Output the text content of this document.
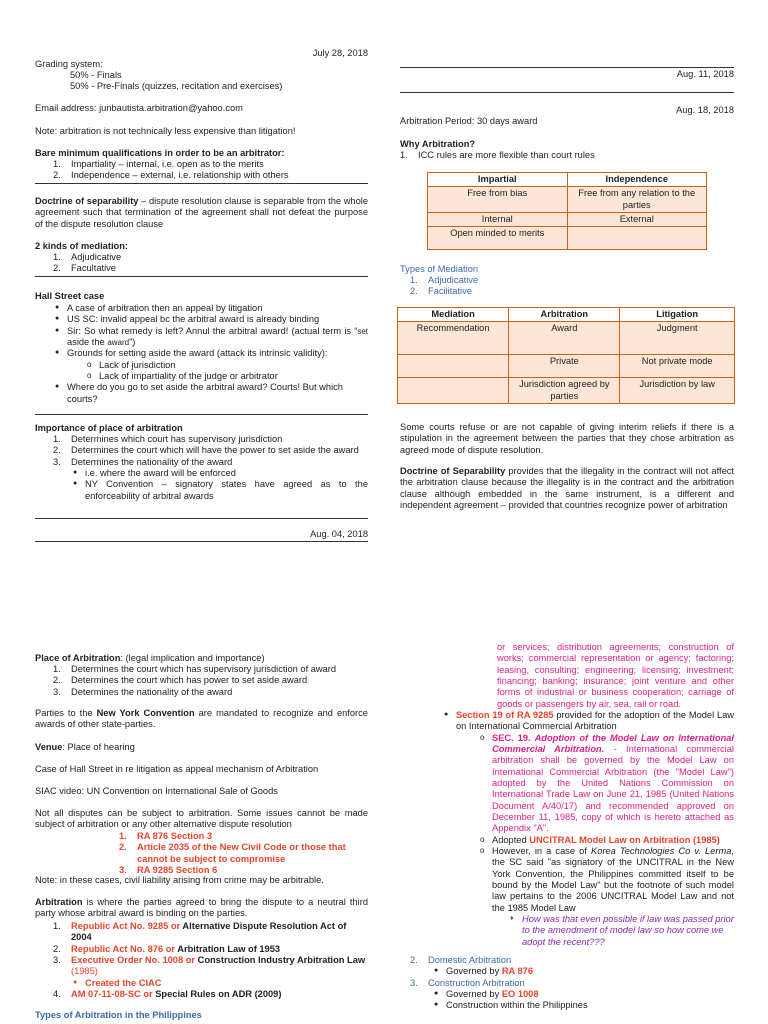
July 28, 2018
Grading system:
50% - Finals
50% - Pre-Finals (quizzes, recitation and exercises)
Email address: junbautista.arbitration@yahoo.com
Note: arbitration is not technically less expensive than litigation!
Bare minimum qualifications in order to be an arbitrator:
1. Impartiality – internal, i.e. open as to the merits
2. Independence – external, i.e. relationship with others
Doctrine of separability – dispute resolution clause is separable from the whole agreement such that termination of the agreement shall not defeat the purpose of the dispute resolution clause
2 kinds of mediation:
1. Adjudicative
2. Facultative
Hall Street case
● A case of arbitration then an appeal by litigation
● US SC: invalid appeal bc the arbitral award is already binding
● Sir: So what remedy is left? Annul the arbitral award! (actual term is “set aside the award”)
● Grounds for setting aside the award (attack its intrinsic validity):
o Lack of jurisdiction
o Lack of impartiality of the judge or arbitrator
● Where do you go to set aside the arbitral award? Courts! But which courts?
Importance of place of arbitration
1. Determines which court has supervisory jurisdiction
2. Determines the court which will have the power to set aside the award
3. Determines the nationality of the award
● i.e. where the award will be enforced
● NY Convention – signatory states have agreed as to the enforceability of arbitral awards
Aug. 04, 2018
Aug. 11, 2018
Aug. 18, 2018
Arbitration Period: 30 days award
Why Arbitration?
1. ICC rules are more flexible than court rules
Impartial	Independence
Free from bias	Free from any relation to the parties
Internal	External
Open minded to merits	
Types of Mediation
1. Adjudicative
2. Facilitative
Mediation	Arbitration	Litigation
Recommendation	Award	Judgment
	Private	Not private mode
	Jurisdiction agreed by parties	Jurisdiction by law
Some courts refuse or are not capable of giving interim reliefs if there is a stipulation in the agreement between the parties that they chose arbitration as agreed mode of dispute resolution.
Doctrine of Separability provides that the illegality in the contract will not affect the arbitration clause because the illegality is in the contract and the arbitration clause although embedded in the same instrument, is a different and independent agreement – provided that countries recognize power of arbitration
Place of Arbitration: (legal implication and importance)
1. Determines the court which has supervisory jurisdiction of award
2. Determines the court which has power to set aside award
3. Determines the nationality of the award
Parties to the New York Convention are mandated to recognize and enforce awards of other state-parties.
Venue: Place of hearing
Case of Hall Street in re litigation as appeal mechanism of Arbitration
SIAC video: UN Convention on International Sale of Goods
Not all disputes can be subject to arbitration. Some issues cannot be made subject of arbitration or any other alternative dispute resolution
1. RA 876 Section 3
2. Article 2035 of the New Civil Code or those that cannot be subject to compromise
3. RA 9285 Section 6
Note: in these cases, civil liability arising from crime may be arbitrable.
Arbitration is where the parties agreed to bring the dispute to a neutral third party whose arbitral award is binding on the parties.
1. Republic Act No. 9285 or Alternative Dispute Resolution Act of 2004
2. Republic Act No. 876 or Arbitration Law of 1953
3. Executive Order No. 1008 or Construction Industry Arbitration Law (1985)
● Created the CIAC
4. AM 07-11-08-SC or Special Rules on ADR (2009)
Types of Arbitration in the Philippines
or services; distribution agreements; construction of works; commercial representation or agency; factoring; leasing, consulting; engineering; licensing; investment; financing; banking; insurance; joint venture and other forms of industrial or business cooperation; carriage of goods or passengers by air, sea, rail or road.
● Section 19 of RA 9285 provided for the adoption of the Model Law on International Commercial Arbitration
o SEC. 19. Adoption of the Model Law on International Commercial Arbitration. - International commercial arbitration shall be governed by the Model Law on International Commercial Arbitration (the "Model Law") adopted by the United Nations Commission on International Trade Law on June 21, 1985 (United Nations Document A/40/17) and recommended approved on December 11, 1985, copy of which is hereto attached as Appendix "A".
o Adopted UNCITRAL Model Law on Arbitration (1985)
o However, in a case of Korea Technologies Co v. Lerma, the SC said "as signatory of the UNCITRAL in the New York Convention, the Philippines committed itself to be bound by the Model Law" but the footnote of such model law pertains to the 2006 UNCITRAL Model Law and not the 1985 Model Law
♦ How was that even possible if law was passed prior to the amendment of model law so how come we adopt the recent???
2. Domestic Arbitration
● Governed by RA 876
3. Construction Arbitration
● Governed by EO 1008
● Construction within the Philippines
